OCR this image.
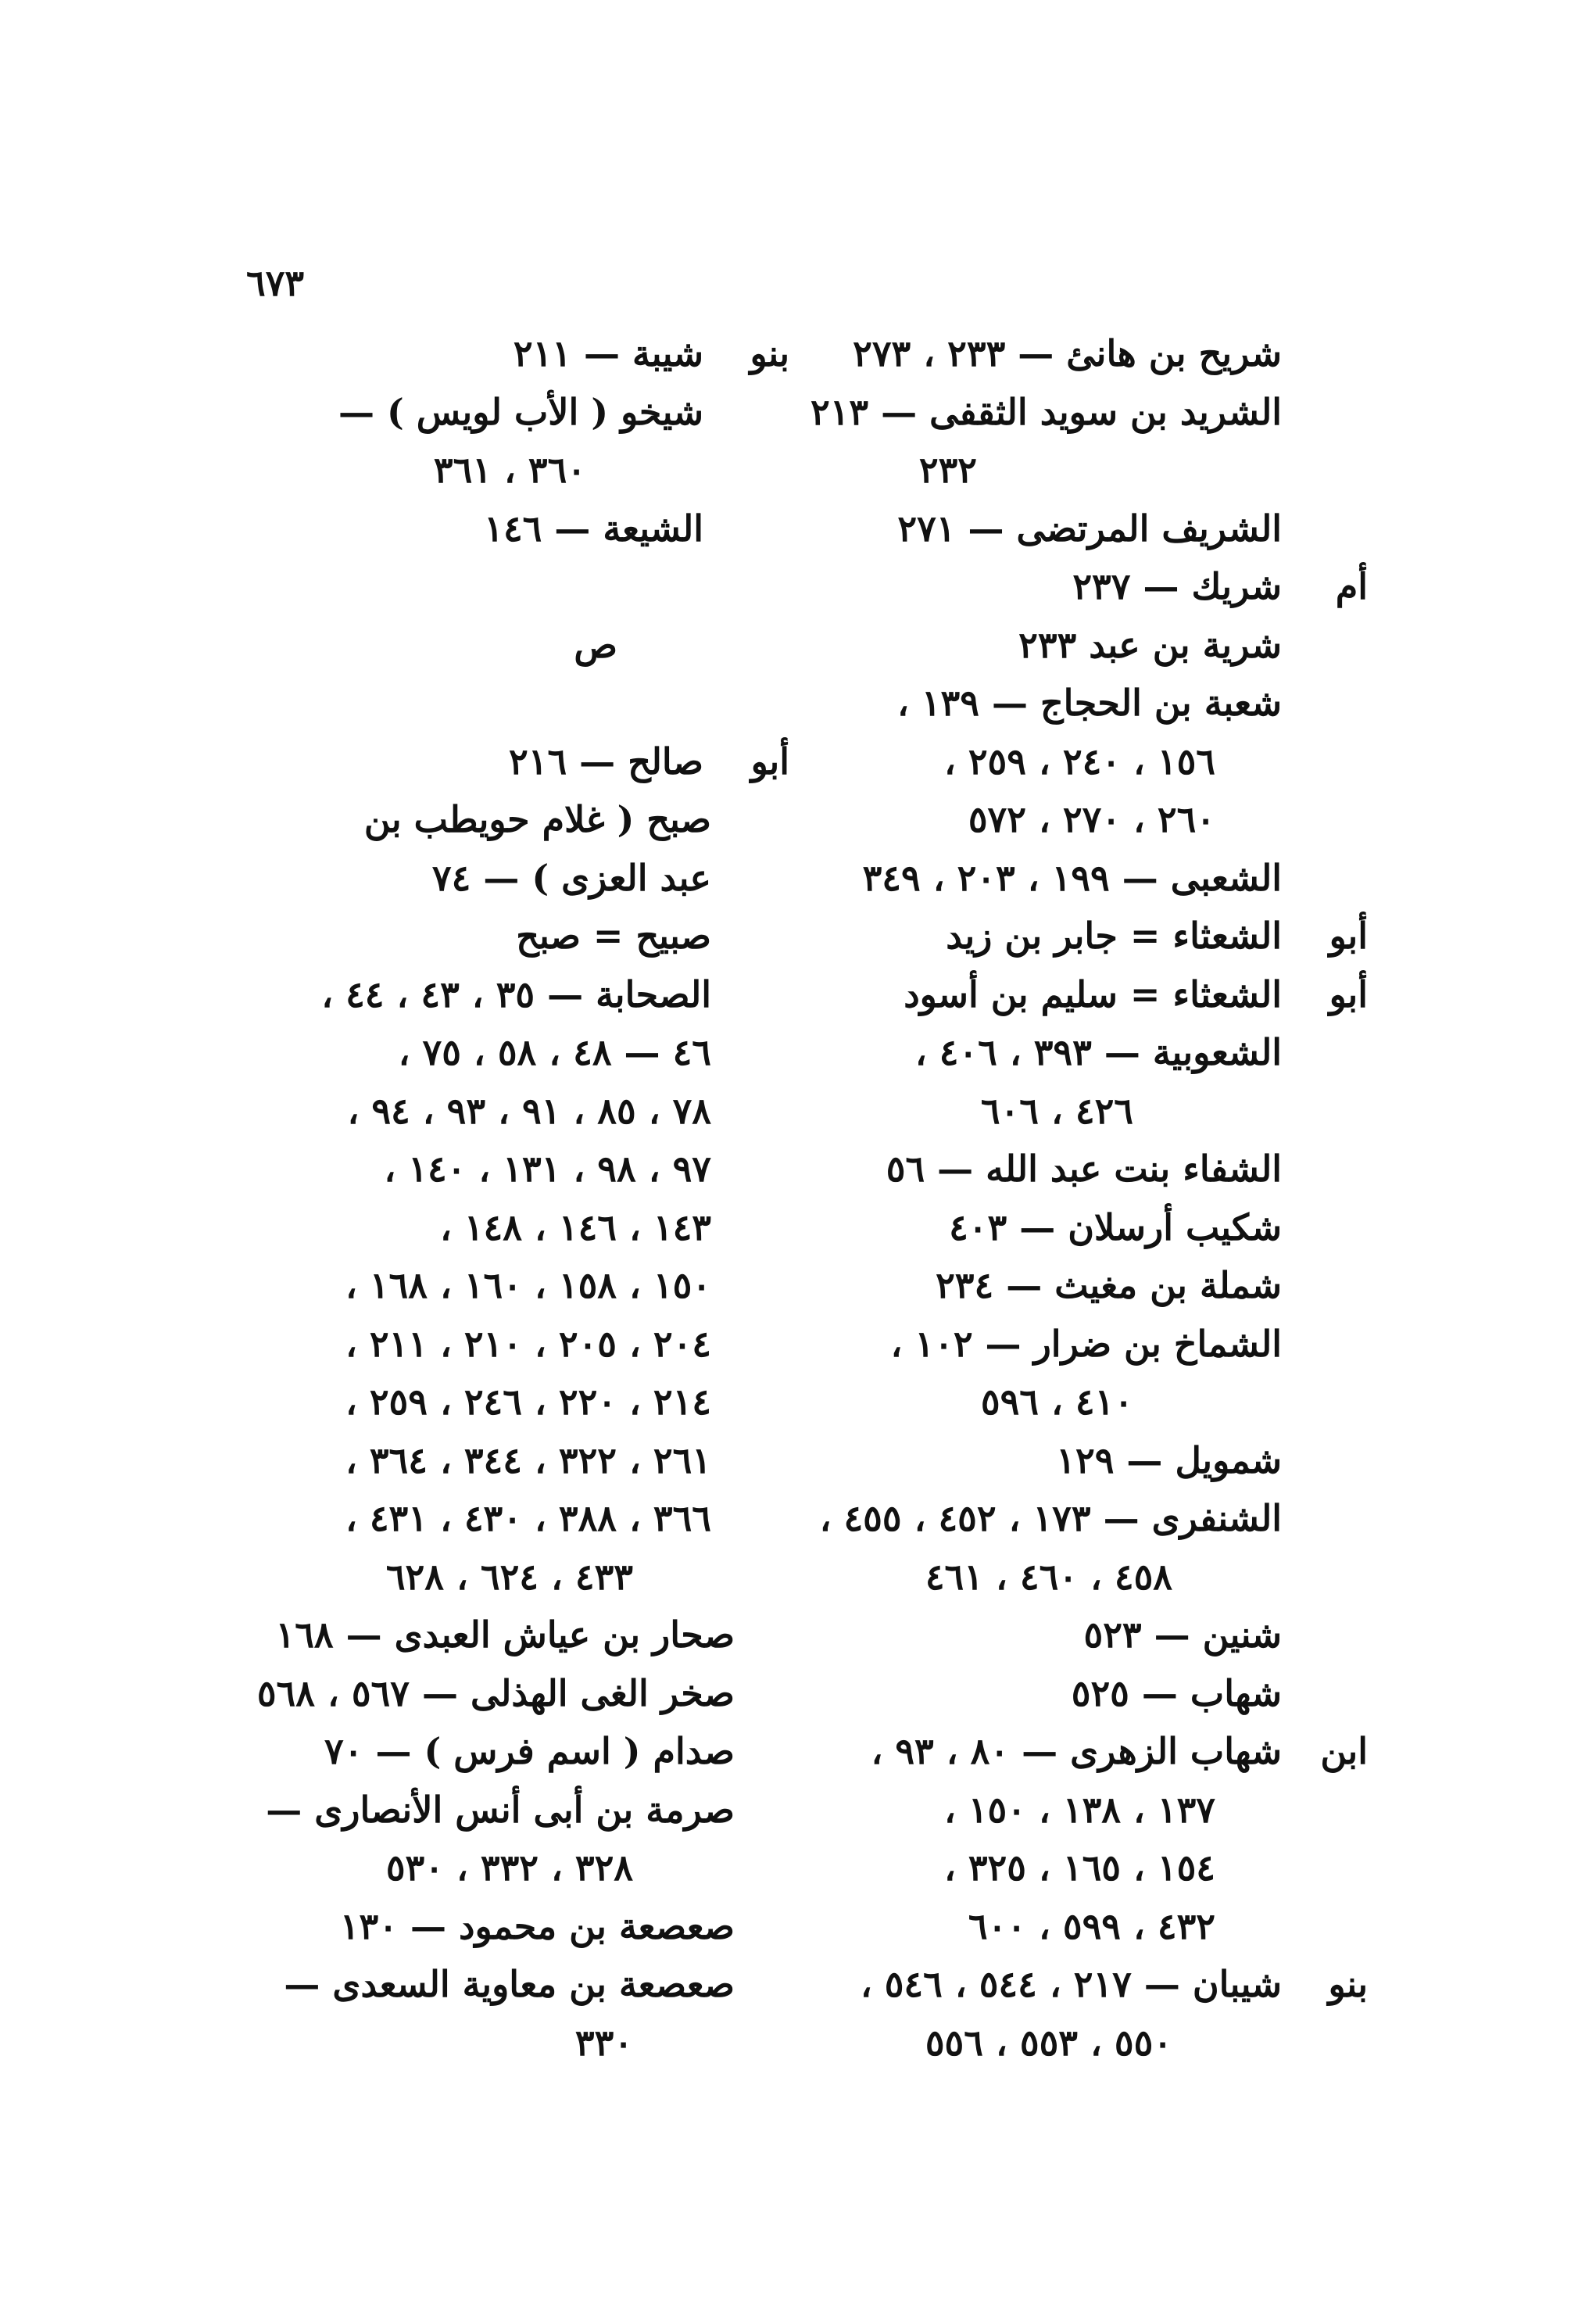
٦٧٣
شريح بن هانئ — ٢٣٣ ، ٢٧٣
الشريد بن سويد الثقفى — ٢١٣
٢٣٢
الشريف المرتضى — ٢٧١
أم
شريك — ٢٣٧
شرية بن عبد ٢٣٣
شعبة بن الحجاج — ١٣٩ ،
١٥٦ ، ٢٤٠ ، ٢٥٩ ،
٢٦٠ ، ٢٧٠ ، ٥٧٢
الشعبى — ١٩٩ ، ٢٠٣ ، ٣٤٩
أبو
الشعثاء = جابر بن زيد
أبو
الشعثاء = سليم بن أسود
الشعوبية — ٣٩٣ ، ٤٠٦ ،
٤٢٦ ، ٦٠٦
الشفاء بنت عبد الله — ٥٦
شكيب أرسلان — ٤٠٣
شملة بن مغيث — ٢٣٤
الشماخ بن ضرار — ١٠٢ ،
٤١٠ ، ٥٩٦
شمويل — ١٢٩
الشنفرى — ١٧٣ ، ٤٥٢ ، ٤٥٥ ،
٤٥٨ ، ٤٦٠ ، ٤٦١
شنين — ٥٢٣
شهاب — ٥٢٥
ابن
شهاب الزهرى — ٨٠ ، ٩٣ ،
١٣٧ ، ١٣٨ ، ١٥٠ ،
١٥٤ ، ١٦٥ ، ٣٢٥ ،
٤٣٢ ، ٥٩٩ ، ٦٠٠
بنو
شيبان — ٢١٧ ، ٥٤٤ ، ٥٤٦ ،
٥٥٠ ، ٥٥٣ ، ٥٥٦
بنو
شيبة — ٢١١
شيخو ( الأب لويس ) —
٣٦٠ ، ٣٦١
الشيعة — ١٤٦
ص
أبو
صالح — ٢١٦
صبح ( غلام حويطب بن
عبد العزى ) — ٧٤
صبيح = صبح
الصحابة — ٣٥ ، ٤٣ ، ٤٤ ،
٤٦ — ٤٨ ، ٥٨ ، ٧٥ ،
٧٨ ، ٨٥ ، ٩١ ، ٩٣ ، ٩٤ ،
٩٧ ، ٩٨ ، ١٣١ ، ١٤٠ ،
١٤٣ ، ١٤٦ ، ١٤٨ ،
١٥٠ ، ١٥٨ ، ١٦٠ ، ١٦٨ ،
٢٠٤ ، ٢٠٥ ، ٢١٠ ، ٢١١ ،
٢١٤ ، ٢٢٠ ، ٢٤٦ ، ٢٥٩ ،
٢٦١ ، ٣٢٢ ، ٣٤٤ ، ٣٦٤ ،
٣٦٦ ، ٣٨٨ ، ٤٣٠ ، ٤٣١ ،
٤٣٣ ، ٦٢٤ ، ٦٢٨
صحار بن عياش العبدى — ١٦٨
صخر الغى الهذلى — ٥٦٧ ، ٥٦٨
صدام ( اسم فرس ) — ٧٠
صرمة بن أبى أنس الأنصارى —
٣٢٨ ، ٣٣٢ ، ٥٣٠
صعصعة بن محمود — ١٣٠
صعصعة بن معاوية السعدى —
٣٣٠
